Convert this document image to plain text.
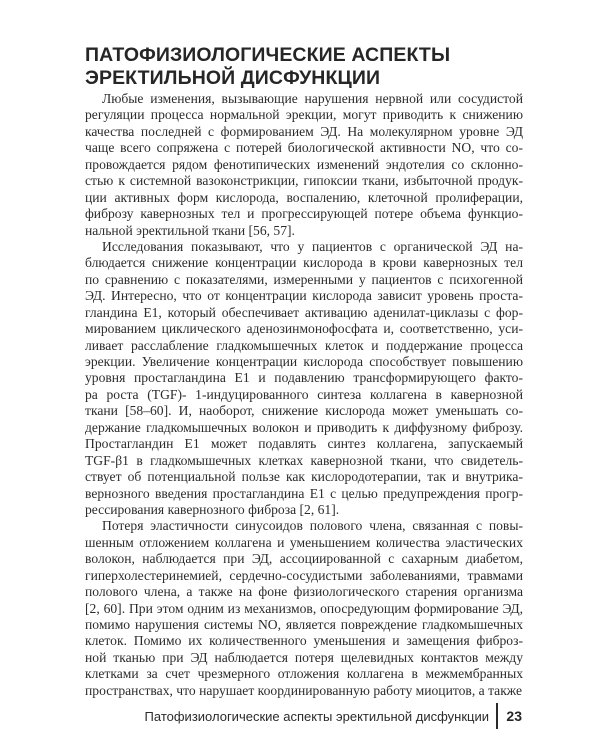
ПАТОФИЗИОЛОГИЧЕСКИЕ АСПЕКТЫ
ЭРЕКТИЛЬНОЙ ДИСФУНКЦИИ

Любые изменения, вызывающие нарушения нервной или сосудистой
регуляции процесса нормальной эрекции, могут приводить к снижению
качества последней с формированием ЭД. На молекулярном уровне ЭД
чаще всего сопряжена с потерей биологической активности NO, что со-
провождается рядом фенотипических изменений эндотелия со склонно-
стью к системной вазоконстрикции, гипоксии ткани, избыточной продук-
ции активных форм кислорода, воспалению, клеточной пролиферации,
фиброзу кавернозных тел и прогрессирующей потере объема функцио-
нальной эректильной ткани [56, 57].

Исследования показывают, что у пациентов с органической ЭД на-
блюдается снижение концентрации кислорода в крови кавернозных тел
по сравнению с показателями, измеренными у пациентов с психогенной
ЭД. Интересно, что от концентрации кислорода зависит уровень проста-
гландина Е1, который обеспечивает активацию аденилат-циклазы с фор-
мированием циклического аденозинмонофосфата и, соответственно, уси-
ливает расслабление гладкомышечных клеток и поддержание процесса
эрекции. Увеличение концентрации кислорода способствует повышению
уровня простагландина Е1 и подавлению трансформирующего факто-
ра роста (TGF)- 1-индуцированного синтеза коллагена в кавернозной
ткани [58–60]. И, наоборот, снижение кислорода может уменьшать со-
держание гладкомышечных волокон и приводить к диффузному фиброзу.
Простагландин Е1 может подавлять синтез коллагена, запускаемый
TGF-β1 в гладкомышечных клетках кавернозной ткани, что свидетель-
ствует об потенциальной пользе как кислородотерапии, так и внутрика-
вернозного введения простагландина Е1 с целью предупреждения прогр-
рессирования кавернозного фиброза [2, 61].

Потеря эластичности синусоидов полового члена, связанная с повы-
шенным отложением коллагена и уменьшением количества эластических
волокон, наблюдается при ЭД, ассоциированной с сахарным диабетом,
гиперхолестеринемией, сердечно-сосудистыми заболеваниями, травмами
полового члена, а также на фоне физиологического старения организма
[2, 60]. При этом одним из механизмов, опосредующим формирование ЭД,
помимо нарушения системы NO, является повреждение гладкомышечных
клеток. Помимо их количественного уменьшения и замещения фиброз-
ной тканью при ЭД наблюдается потеря щелевидных контактов между
клетками за счет чрезмерного отложения коллагена в межмембранных
пространствах, что нарушает координированную работу миоцитов, а также

Патофизиологические аспекты эректильной дисфункции 23
